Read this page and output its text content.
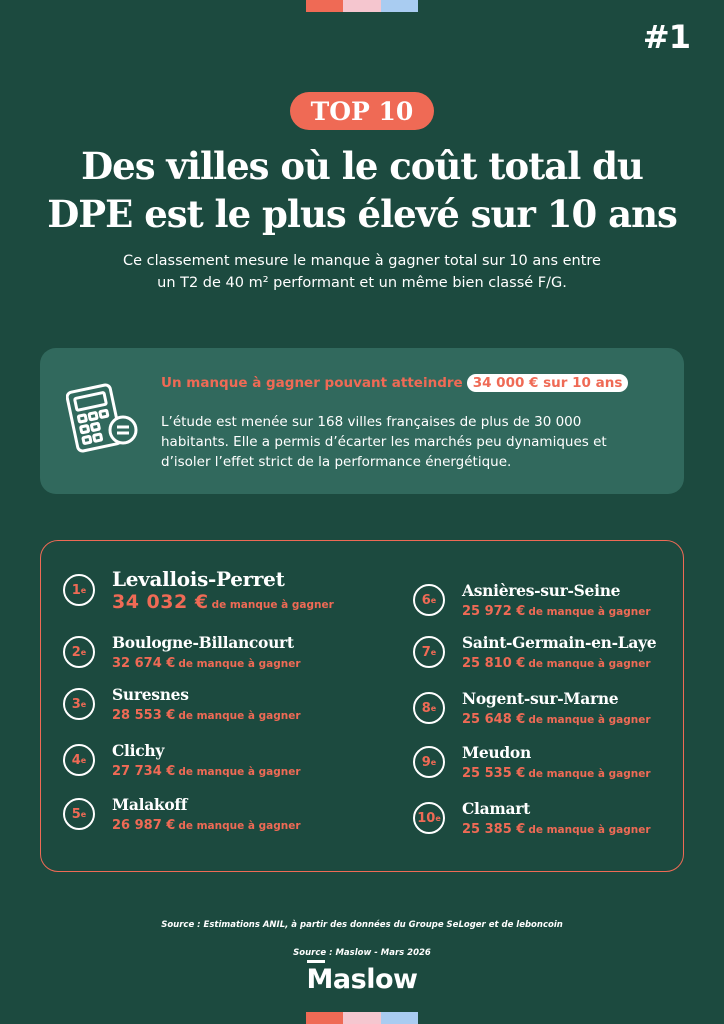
#1
TOP 10
Des villes où le coût total du
DPE est le plus élevé sur 10 ans
Ce classement mesure le manque à gagner total sur 10 ans entre
un T2 de 40 m² performant et un même bien classé F/G.
Un manque à gagner pouvant atteindre 34 000 € sur 10 ans
L’étude est menée sur 168 villes françaises de plus de 30 000
habitants. Elle a permis d’écarter les marchés peu dynamiques et
d’isoler l’effet strict de la performance énergétique.
1 e Levallois-Perret
34 032 € de manque à gagner
2 e Boulogne-Billancourt
32 674 € de manque à gagner
3 e Suresnes
28 553 € de manque à gagner
4 e Clichy
27 734 € de manque à gagner
5 e Malakoff
26 987 € de manque à gagner
6 e Asnières-sur-Seine
25 972 € de manque à gagner
7 e Saint-Germain-en-Laye
25 810 € de manque à gagner
8 e Nogent-sur-Marne
25 648 € de manque à gagner
9 e Meudon
25 535 € de manque à gagner
10 e Clamart
25 385 € de manque à gagner
Source : Estimations ANIL, à partir des données du Groupe SeLoger et de leboncoin
Source : Maslow - Mars 2026
Maslow
